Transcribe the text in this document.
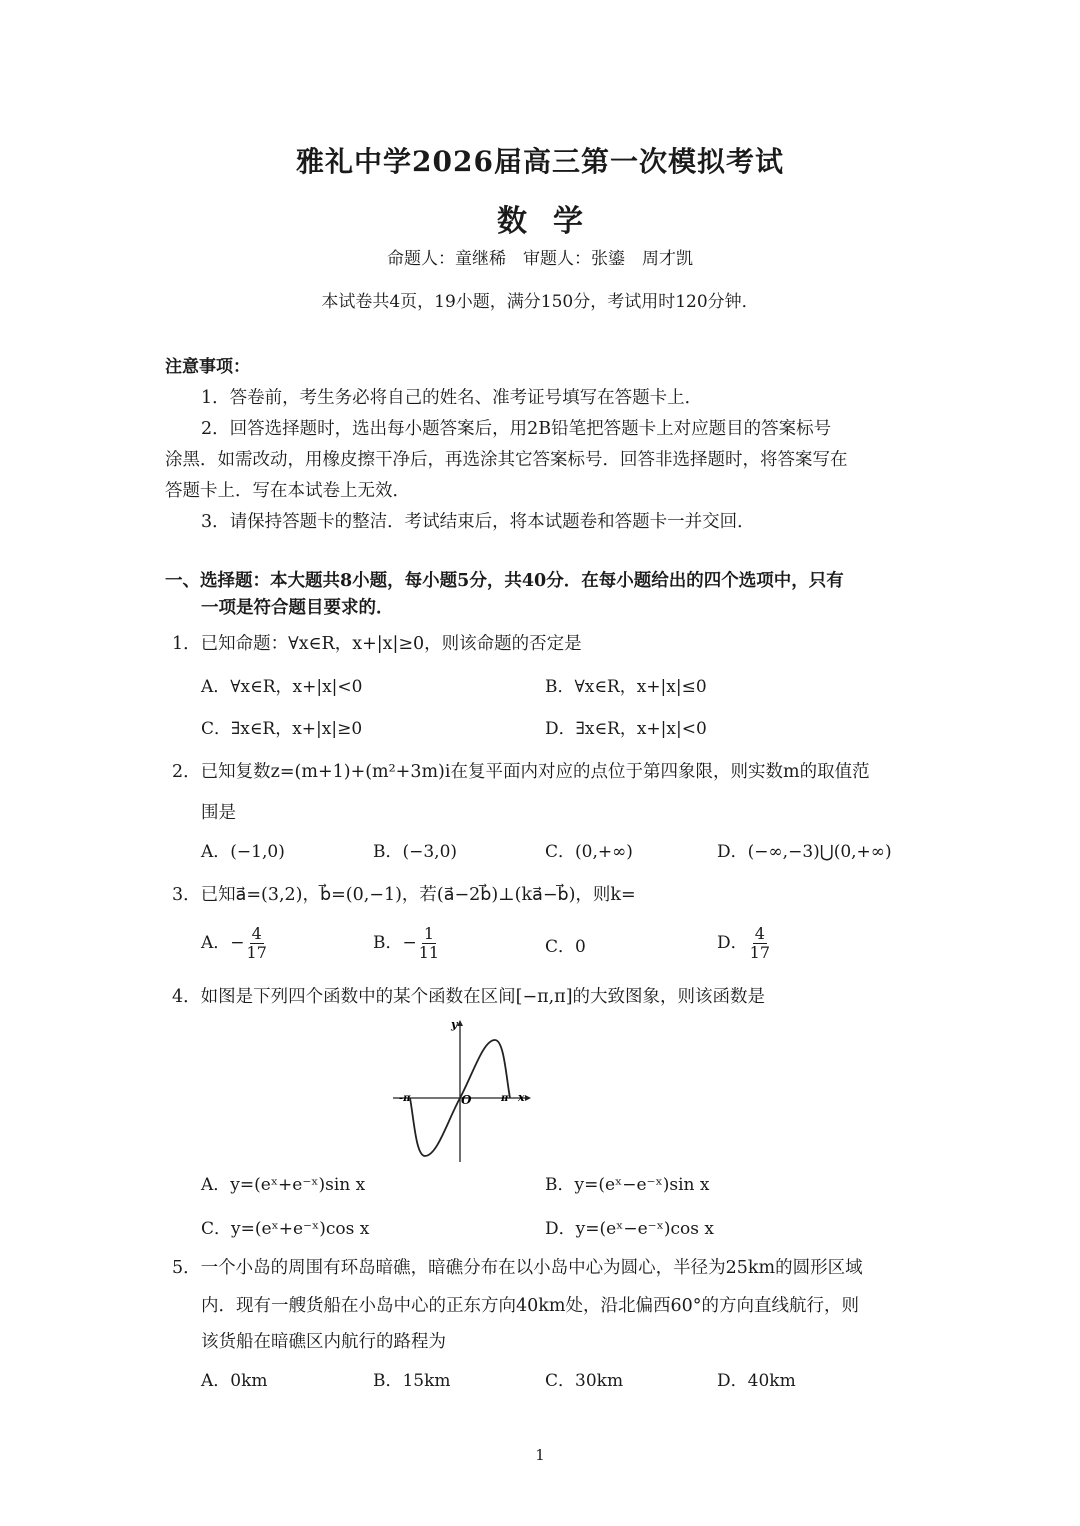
雅礼中学2026届高三第一次模拟考试
数学
命题人：童继稀　审题人：张鎏　周才凯
本试卷共4页，19小题，满分150分，考试用时120分钟．
注意事项：
1．答卷前，考生务必将自己的姓名、准考证号填写在答题卡上．
2．回答选择题时，选出每小题答案后，用2B铅笔把答题卡上对应题目的答案标号
涂黑．如需改动，用橡皮擦干净后，再选涂其它答案标号．回答非选择题时，将答案写在
答题卡上．写在本试卷上无效．
3．请保持答题卡的整洁．考试结束后，将本试题卷和答题卡一并交回．
一、选择题：本大题共8小题，每小题5分，共40分．在每小题给出的四个选项中，只有
一项是符合题目要求的．
1．已知命题：∀x∈R，x+|x|≥0，则该命题的否定是
A．∀x∈R，x+|x|<0	B．∀x∈R，x+|x|≤0
C．∃x∈R，x+|x|≥0	D．∃x∈R，x+|x|<0
2．已知复数z=(m+1)+(m²+3m)i在复平面内对应的点位于第四象限，则实数m的取值范
围是
A．(−1,0)	B．(−3,0)	C．(0,+∞)	D．(−∞,−3)⋃(0,+∞)
3．已知a⃗=(3,2)，b⃗=(0,−1)，若(a⃗−2b⃗)⊥(ka⃗−b⃗)，则k=
A．− $\frac{4}{17}$	B．− $\frac{1}{11}$	C．0	D． $\frac{4}{17}$
4．如图是下列四个函数中的某个函数在区间[−π,π]的大致图象，则该函数是
y
x
O
-π	π
A．y=(eˣ+e⁻ˣ)sin x	B．y=(eˣ−e⁻ˣ)sin x
C．y=(eˣ+e⁻ˣ)cos x	D．y=(eˣ−e⁻ˣ)cos x
5．一个小岛的周围有环岛暗礁，暗礁分布在以小岛中心为圆心，半径为25km的圆形区域
内．现有一艘货船在小岛中心的正东方向40km处，沿北偏西60°的方向直线航行，则
该货船在暗礁区内航行的路程为
A．0km	B．15km	C．30km	D．40km
1
